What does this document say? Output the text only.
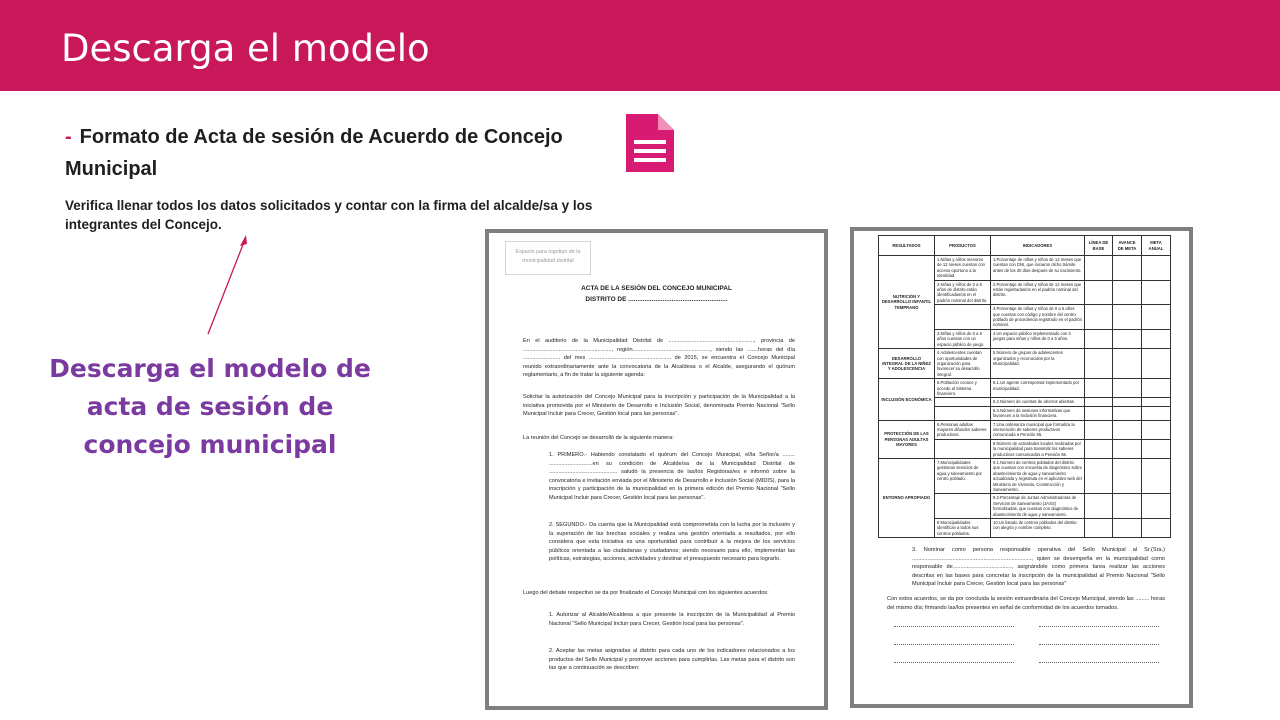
Descarga el modelo
- Formato de Acta de sesión de Acuerdo de Concejo Municipal
Verifica llenar todos los datos solicitados y contar con la firma del alcalde/sa y los integrantes del Concejo.
Descarga el modelo de acta de sesión de concejo municipal
Espacio para logotipo de la municipalidad distrital
ACTA DE LA SESIÓN DEL CONCEJO MUNICIPAL
DISTRITO DE .......................................................
En el auditorio de la Municipalidad Distrital de ......................................................., provincia de ........................................................., región.................................................., siendo las .......horas del día ........................ del mes ..................................................... de 2015, se encuentra el Concejo Municipal reunido extraordinariamente ante la convocatoria de la Alcaldesa o el Alcalde, asegurando el quórum reglamentario, a fin de tratar la siguiente agenda:
Solicitar la autorización del Concejo Municipal para la inscripción y participación de la Municipalidad a la iniciativa promovida por el Ministerio de Desarrollo e Inclusión Social, denominada Premio Nacional "Sello Municipal Incluir para Crecer, Gestión local para las personas".
La reunión del Concejo se desarrolló de la siguiente manera:
1. PRIMERO.- Habiendo constatado el quórum del Concejo Municipal, el/la Señor/a ........ ............................en su condición de Alcalde/sa de la Municipalidad Distrital de ............................................ saludó la presencia de las/los Regidoras/es e informó sobre la convocatoria e invitación enviada por el Ministerio de Desarrollo e Inclusión Social (MIDIS), para la inscripción y participación de la municipalidad en la primera edición del Premio Nacional "Sello Municipal Incluir para Crecer, Gestión local para las personas".
2. SEGUNDO.- Da cuenta que la Municipalidad está comprometida con la lucha por la inclusión y la superación de las brechas sociales y realiza una gestión orientada a resultados, por ello considera que esta iniciativa es una oportunidad para contribuir a la mejora de los servicios públicos orientada a las ciudadanas y ciudadanos; siendo necesario para ello, implementar las políticas, estrategias, acciones, actividades y destinar el presupuesto necesario para lograrlo.
Luego del debate respectivo se da por finalizado el Concejo Municipal con los siguientes acuerdos:
1. Autorizar al Alcalde/Alcaldesa a que presente la inscripción de la Municipalidad al Premio Nacional "Sello Municipal Incluir para Crecer, Gestión local para las personas".
2. Aceptar las metas asignadas al distrito para cada uno de los indicadores relacionados a los productos del Sello Municipal y promover acciones para cumplirlas. Las metas para el distrito son las que a continuación se describen:
RESULTADOS	PRODUCTOS	INDICADORES	LÍNEA DE BASE	AVANCE DE META	META ANUAL
NUTRICIÓN Y DESARROLLO INFANTIL TEMPRANO	1.Niñas y niños menores de 12 meses cuentan con acceso oportuno a la Identidad.	1.Porcentaje de niñas y niños de 12 meses que cuentan con DNI, que iniciaron dicho trámite antes de los 30 días después de su nacimiento.			
	2.Niñas y niños de 0 a 5 años de distrito están identificadas/os en el padrón nominal del distrito.	2.Porcentaje de niñas y niños de 12 meses que están registradas/os en el padrón nominal del distrito.			
		3.Porcentaje de niñas y niños de 0 a 5 años que cuentan con código y nombre del centro poblado de procedencia registrado en el padrón nominal.			
	3.Niñas y niños de 0 a 5 años cuentan con un espacio público de juego.	4.Un espacio público implementado con 3 juegos para niñas y niños de 0 a 5 años.			
DESARROLLO INTEGRAL DE LA NIÑEZ Y ADOLESCENCIA	4.Adolescentes cuentan con oportunidades de organización para favorecer su desarrollo integral.	5.Número de grupos de adolescentes organizados y reconocidos por la Municipalidad.			
INCLUSIÓN ECONÓMICA	5.Población conoce y accede al Sistema financiero.	6.1.Un agente corresponsal implementado por municipalidad.			
		6.2.Número de cuentas de ahorros abiertas.			
		6.3.Número de sesiones informativas que favorecen a la Inclusión financiera.			
PROTECCIÓN DE LAS PERSONAS ADULTAS MAYORES	6.Personas adultas mayores difunden saberes productivos.	7.Una ordenanza municipal que formaliza la intervención de saberes productivos comunicada a Pensión 65.			
		8.Número de actividades locales realizadas por la municipalidad para transmitir los saberes productivos comunicados a Pensión 65.			
ENTORNO APROPIADO	7.Municipalidades gestionan servicios de agua y saneamiento por centro poblado.	9.1.Número de centros poblados del distrito que cuentan con encuesta de diagnóstico sobre abastecimiento de agua y saneamiento actualizada y registrada en el aplicativo web del Ministerio de Vivienda, Construcción y Saneamiento.			
		9.2.Porcentaje de Juntas Administradoras de Servicios de Saneamiento (JASS) formalizadas, que cuentan con diagnóstico de abastecimiento de agua y saneamiento.			
	8.Municipalidades identifican a todos sus centros poblados.	10.Un listado de centros poblados del distrito con alegría y nombre completo.			
3. Nominar como persona responsable operativa del Sello Municipal al Sr.(Sra.) ............................................................................., quien se desempeña en la municipalidad como responsable de......................................, asignándole como primera tarea realizar las acciones descritas en las bases para concretar la inscripción de la municipalidad al Premio Nacional "Sello Municipal Incluir para Crecer, Gestión local para las personas"
Con estos acuerdos, se da por concluida la sesión extraordinaria del Concejo Municipal, siendo las ......... horas del mismo día; firmando las/los presentes en señal de conformidad de los acuerdos tomados.
